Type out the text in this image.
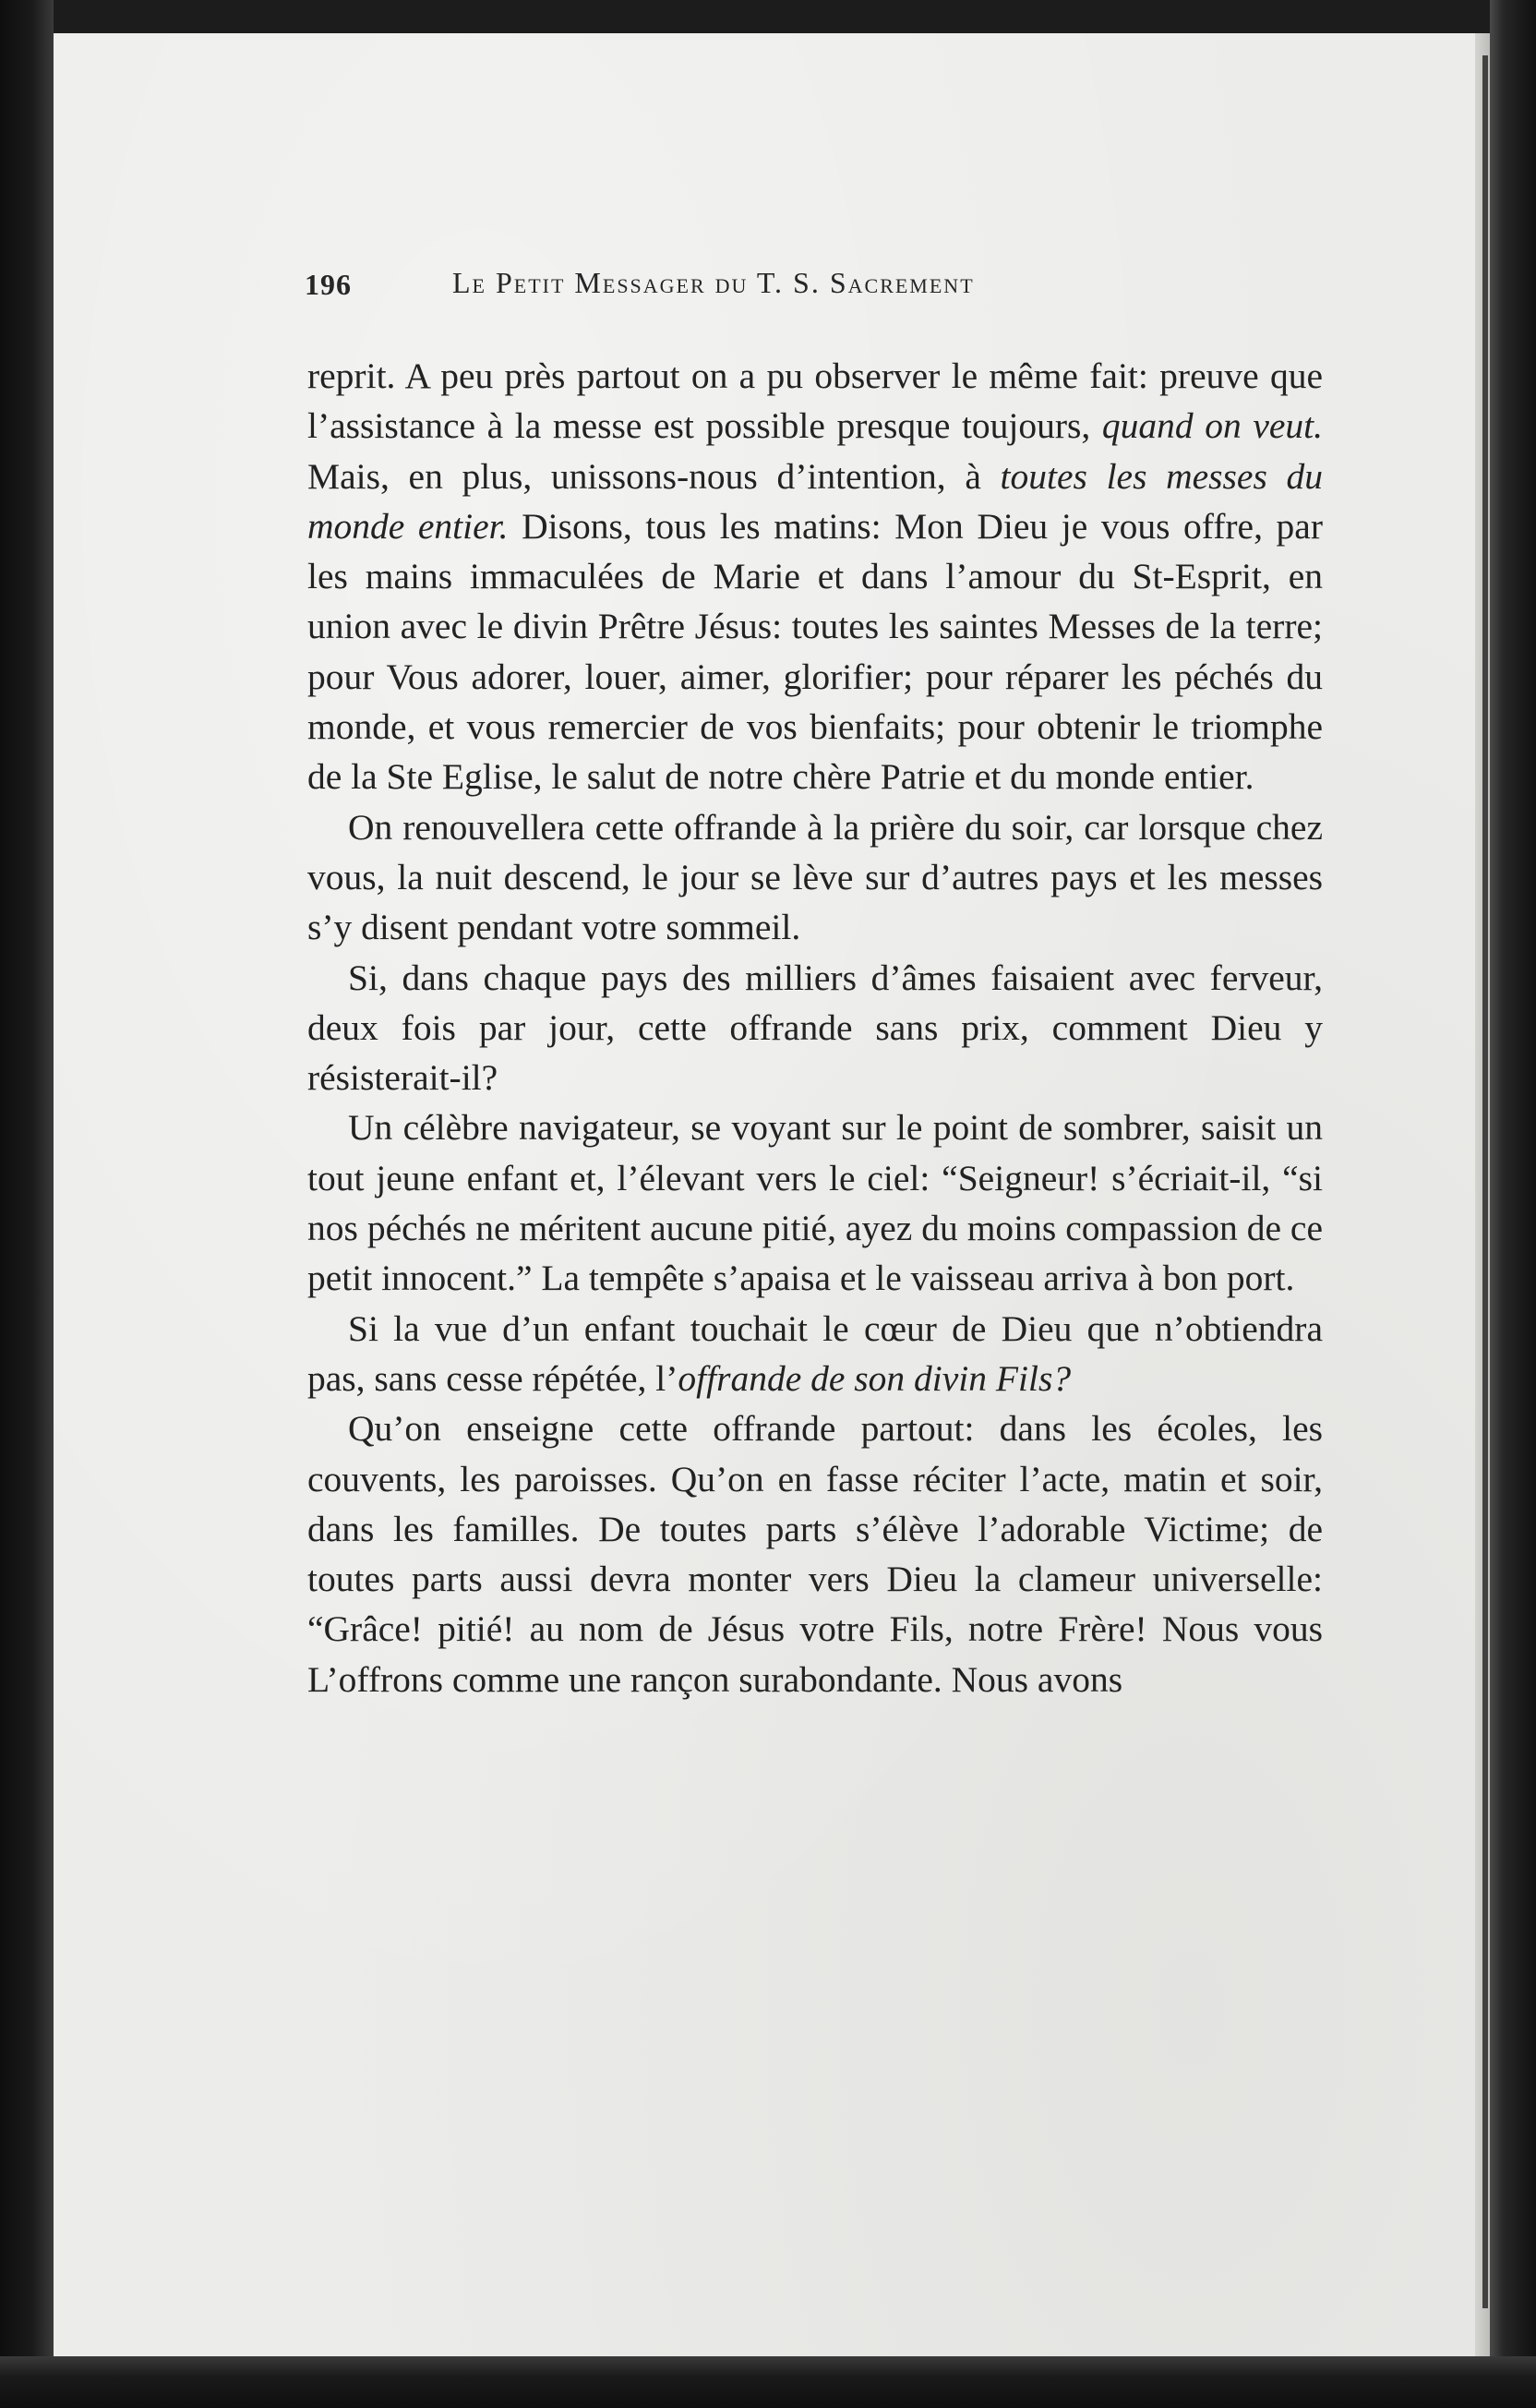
196	Le Petit Messager du T. S. Sacrement

reprit. A peu près partout on a pu observer le même fait: preuve que l’assistance à la messe est possible presque toujours, quand on veut. Mais, en plus, unissons-nous d’intention, à toutes les messes du monde entier. Disons, tous les matins: Mon Dieu je vous offre, par les mains immaculées de Marie et dans l’amour du St-Esprit, en union avec le divin Prêtre Jésus: toutes les saintes Messes de la terre; pour Vous adorer, louer, aimer, glorifier; pour réparer les péchés du monde, et vous remercier de vos bienfaits; pour obtenir le triomphe de la Ste Eglise, le salut de notre chère Patrie et du monde entier.

On renouvellera cette offrande à la prière du soir, car lorsque chez vous, la nuit descend, le jour se lève sur d’autres pays et les messes s’y disent pendant votre sommeil.

Si, dans chaque pays des milliers d’âmes faisaient avec ferveur, deux fois par jour, cette offrande sans prix, comment Dieu y résisterait-il?

Un célèbre navigateur, se voyant sur le point de sombrer, saisit un tout jeune enfant et, l’élevant vers le ciel: “Seigneur! s’écriait-il, “si nos péchés ne méritent aucune pitié, ayez du moins compassion de ce petit innocent.” La tempête s’apaisa et le vaisseau arriva à bon port.

Si la vue d’un enfant touchait le cœur de Dieu que n’obtiendra pas, sans cesse répétée, l’offrande de son divin Fils?

Qu’on enseigne cette offrande partout: dans les écoles, les couvents, les paroisses. Qu’on en fasse réciter l’acte, matin et soir, dans les familles. De toutes parts s’élève l’adorable Victime; de toutes parts aussi devra monter vers Dieu la clameur universelle: “Grâce! pitié! au nom de Jésus votre Fils, notre Frère! Nous vous L’offrons comme une rançon surabondante. Nous avons
